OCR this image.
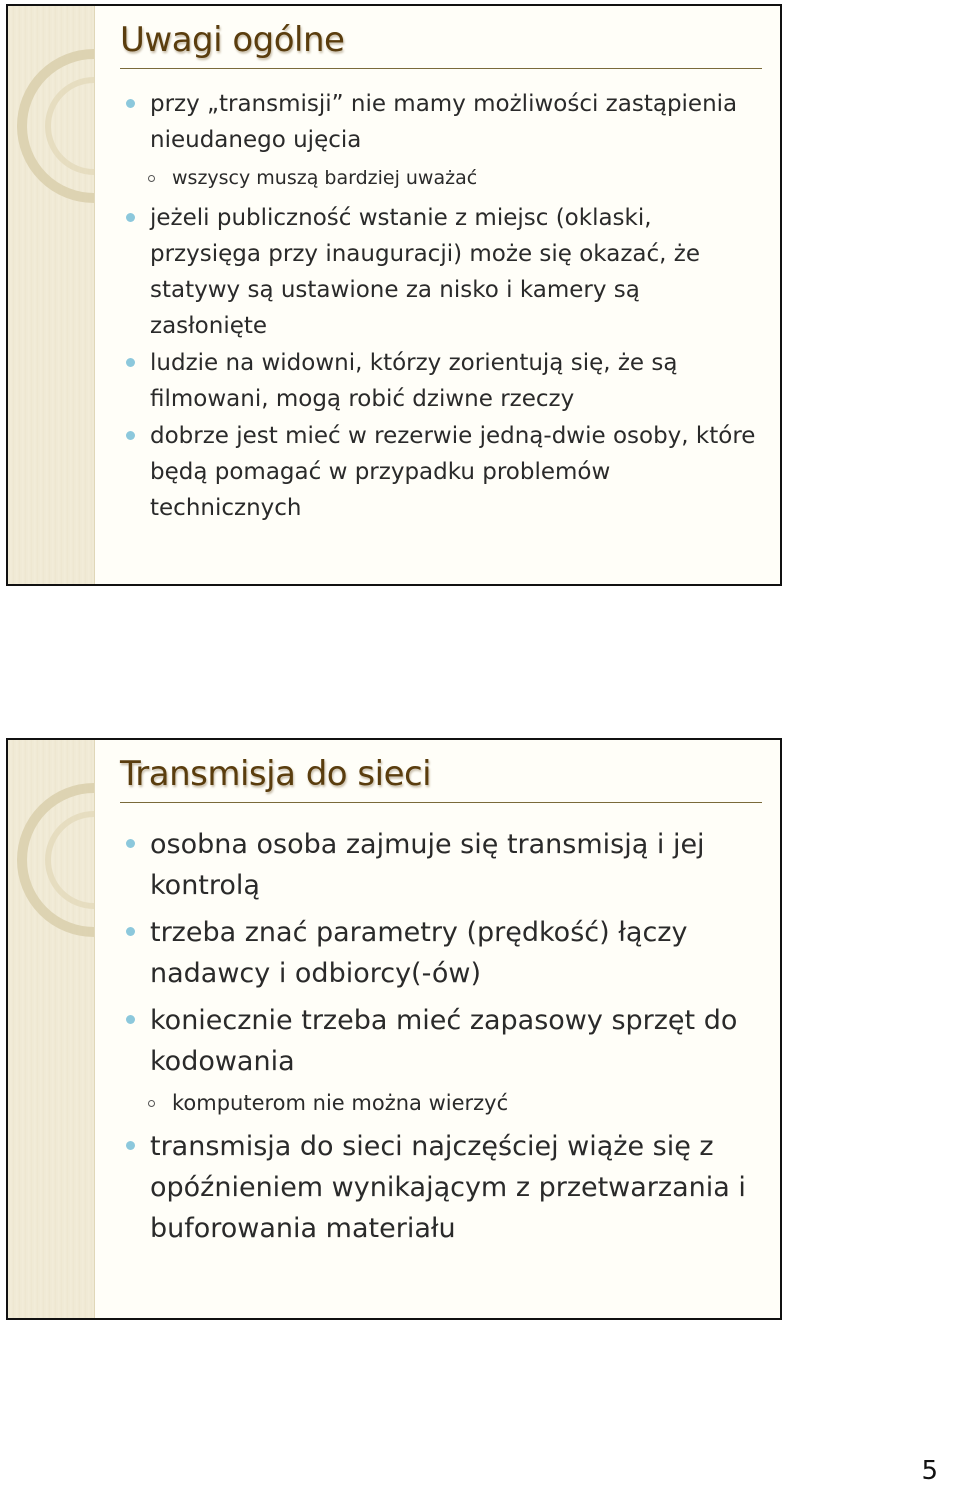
Uwagi ogólne
przy „transmisji” nie mamy możliwości zastąpienia nieudanego ujęcia
wszyscy muszą bardziej uważać
jeżeli publiczność wstanie z miejsc (oklaski, przysięga przy inauguracji) może się okazać, że statywy są ustawione za nisko i kamery są zasłonięte
ludzie na widowni, którzy zorientują się, że są filmowani, mogą robić dziwne rzeczy
dobrze jest mieć w rezerwie jedną-dwie osoby, które będą pomagać w przypadku problemów technicznych
Transmisja do sieci
osobna osoba zajmuje się transmisją i jej kontrolą
trzeba znać parametry (prędkość) łączy nadawcy i odbiorcy(-ów)
koniecznie trzeba mieć zapasowy sprzęt do kodowania
komputerom nie można wierzyć
transmisja do sieci najczęściej wiąże się z opóźnieniem wynikającym z przetwarzania i buforowania materiału
5
